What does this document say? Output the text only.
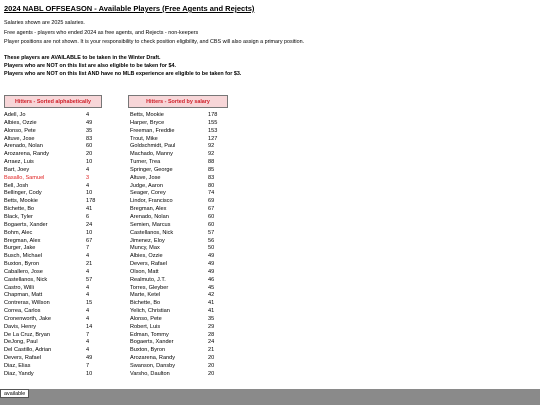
2024 NABL OFFSEASON - Available Players (Free Agents and Rejects)
Salaries shown are 2025 salaries.
Free agents - players who ended 2024 as free agents, and Rejects - non-keepers
Player positions are not shown. It is your responsibility to check position eligibility, and CBS will also assign a primary position.
These players are AVAILABLE to be taken in the Winter Draft.
Players who are NOT on this list are also eligible to be taken for $4.
Players who are NOT on this list AND have no MLB experience are eligible to be taken for $3.
Hitters - Sorted alphabetically	Hitters - Sorted by salary
Adell, Jo	4
Albies, Ozzie	49
Alonso, Pete	35
Altuve, Jose	83
Arenado, Nolan	60
Arozarena, Randy	20
Arraez, Luis	10
Bart, Joey	4
Basallo, Samuel	3
Bell, Josh	4
Bellinger, Cody	10
Betts, Mookie	178
Bichette, Bo	41
Black, Tyler	6
Bogaerts, Xander	24
Bohm, Alec	10
Bregman, Alex	67
Burger, Jake	7
Busch, Michael	4
Buxton, Byron	21
Caballero, Jose	4
Castellanos, Nick	57
Castro, Willi	4
Chapman, Matt	4
Contreras, Willson	15
Correa, Carlos	4
Cronenworth, Jake	4
Davis, Henry	14
De La Cruz, Bryan	7
DeJong, Paul	4
Del Castillo, Adrian	4
Devers, Rafael	49
Diaz, Elias	7
Diaz, Yandy	10
Betts, Mookie	178
Harper, Bryce	155
Freeman, Freddie	153
Trout, Mike	127
Goldschmidt, Paul	92
Machado, Manny	92
Turner, Trea	88
Springer, George	85
Altuve, Jose	83
Judge, Aaron	80
Seager, Corey	74
Lindor, Francisco	69
Bregman, Alex	67
Arenado, Nolan	60
Semien, Marcus	60
Castellanos, Nick	57
Jimenez, Eloy	56
Muncy, Max	50
Albies, Ozzie	49
Devers, Rafael	49
Olson, Matt	49
Realmuto, J.T.	46
Torres, Gleyber	45
Marte, Ketel	42
Bichette, Bo	41
Yelich, Christian	41
Alonso, Pete	35
Robert, Luis	29
Edman, Tommy	28
Bogaerts, Xander	24
Buxton, Byron	21
Arozarena, Randy	20
Swanson, Dansby	20
Varsho, Daulton	20
available
